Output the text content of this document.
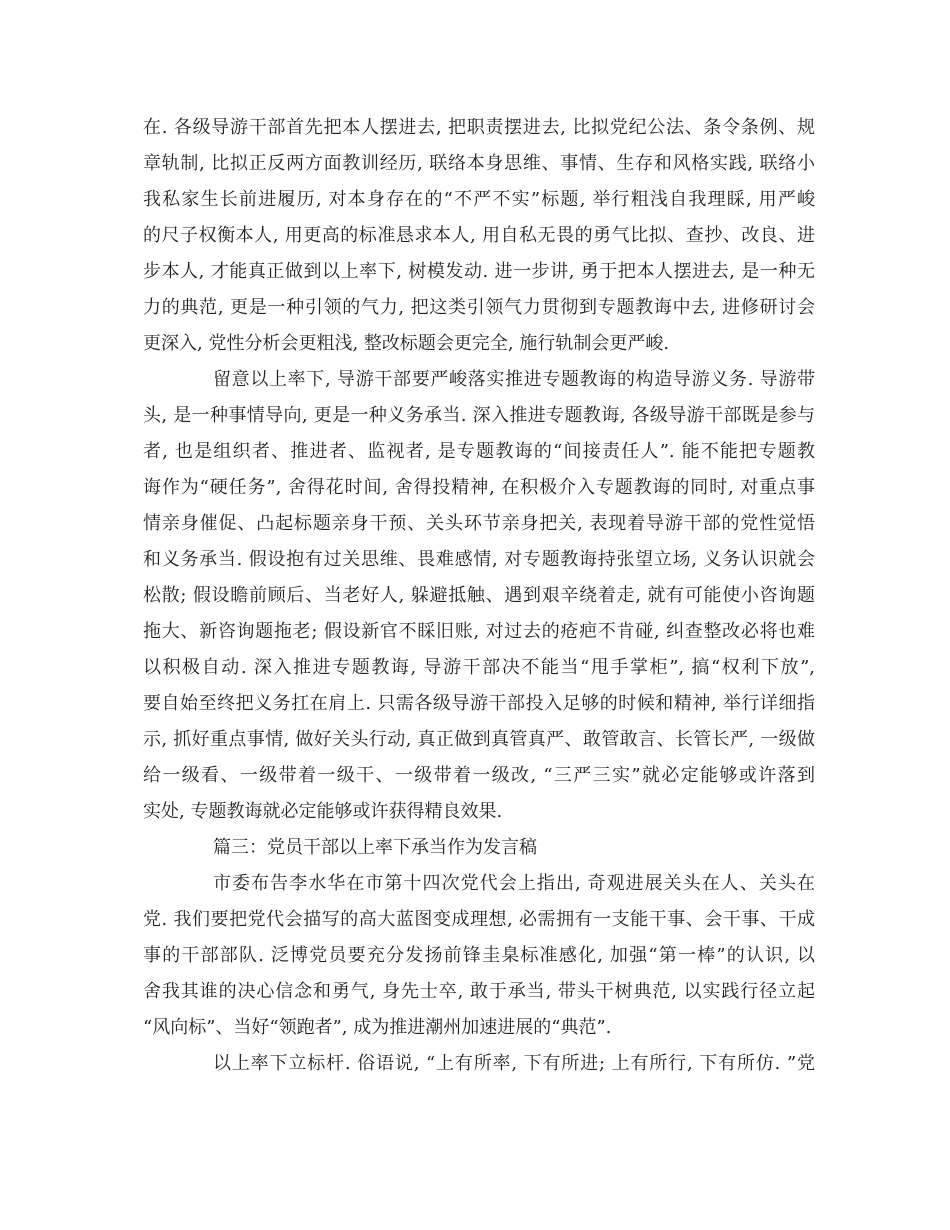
在. 各级导游干部首先把本人摆进去, 把职责摆进去, 比拟党纪公法、条令条例、规
章轨制, 比拟正反两方面教训经历, 联络本身思维、事情、生存和风格实践, 联络小
我私家生长前进履历, 对本身存在的“不严不实”标题, 举行粗浅自我理睬, 用严峻
的尺子权衡本人, 用更高的标准恳求本人, 用自私无畏的勇气比拟、查抄、改良、进
步本人, 才能真正做到以上率下, 树模发动. 进一步讲, 勇于把本人摆进去, 是一种无
力的典范, 更是一种引领的气力, 把这类引领气力贯彻到专题教诲中去, 进修研讨会
更深入, 党性分析会更粗浅, 整改标题会更完全, 施行轨制会更严峻.
留意以上率下, 导游干部要严峻落实推进专题教诲的构造导游义务. 导游带
头, 是一种事情导向, 更是一种义务承当. 深入推进专题教诲, 各级导游干部既是参与
者, 也是组织者、推进者、监视者, 是专题教诲的“间接责任人”. 能不能把专题教
诲作为“硬任务”, 舍得花时间, 舍得投精神, 在积极介入专题教诲的同时, 对重点事
情亲身催促、凸起标题亲身干预、关头环节亲身把关, 表现着导游干部的党性觉悟
和义务承当. 假设抱有过关思维、畏难感情, 对专题教诲持张望立场, 义务认识就会
松散; 假设瞻前顾后、当老好人, 躲避抵触、遇到艰辛绕着走, 就有可能使小咨询题
拖大、新咨询题拖老; 假设新官不睬旧账, 对过去的疮疤不肯碰, 纠查整改必将也难
以积极自动. 深入推进专题教诲, 导游干部决不能当“甩手掌柜”, 搞“权利下放”,
要自始至终把义务扛在肩上. 只需各级导游干部投入足够的时候和精神, 举行详细指
示, 抓好重点事情, 做好关头行动, 真正做到真管真严、敢管敢言、长管长严, 一级做
给一级看、一级带着一级干、一级带着一级改, “三严三实”就必定能够或许落到
实处, 专题教诲就必定能够或许获得精良效果.
篇三：党员干部以上率下承当作为发言稿
市委布告李水华在市第十四次党代会上指出, 奇观进展关头在人、关头在
党. 我们要把党代会描写的高大蓝图变成理想, 必需拥有一支能干事、会干事、干成
事的干部部队. 泛博党员要充分发扬前锋圭臬标准感化, 加强“第一棒”的认识, 以
舍我其谁的决心信念和勇气, 身先士卒, 敢于承当, 带头干树典范, 以实践行径立起
“风向标”、当好“领跑者”, 成为推进潮州加速进展的“典范”.
以上率下立标杆. 俗语说, “上有所率, 下有所进; 上有所行, 下有所仿. ”党
